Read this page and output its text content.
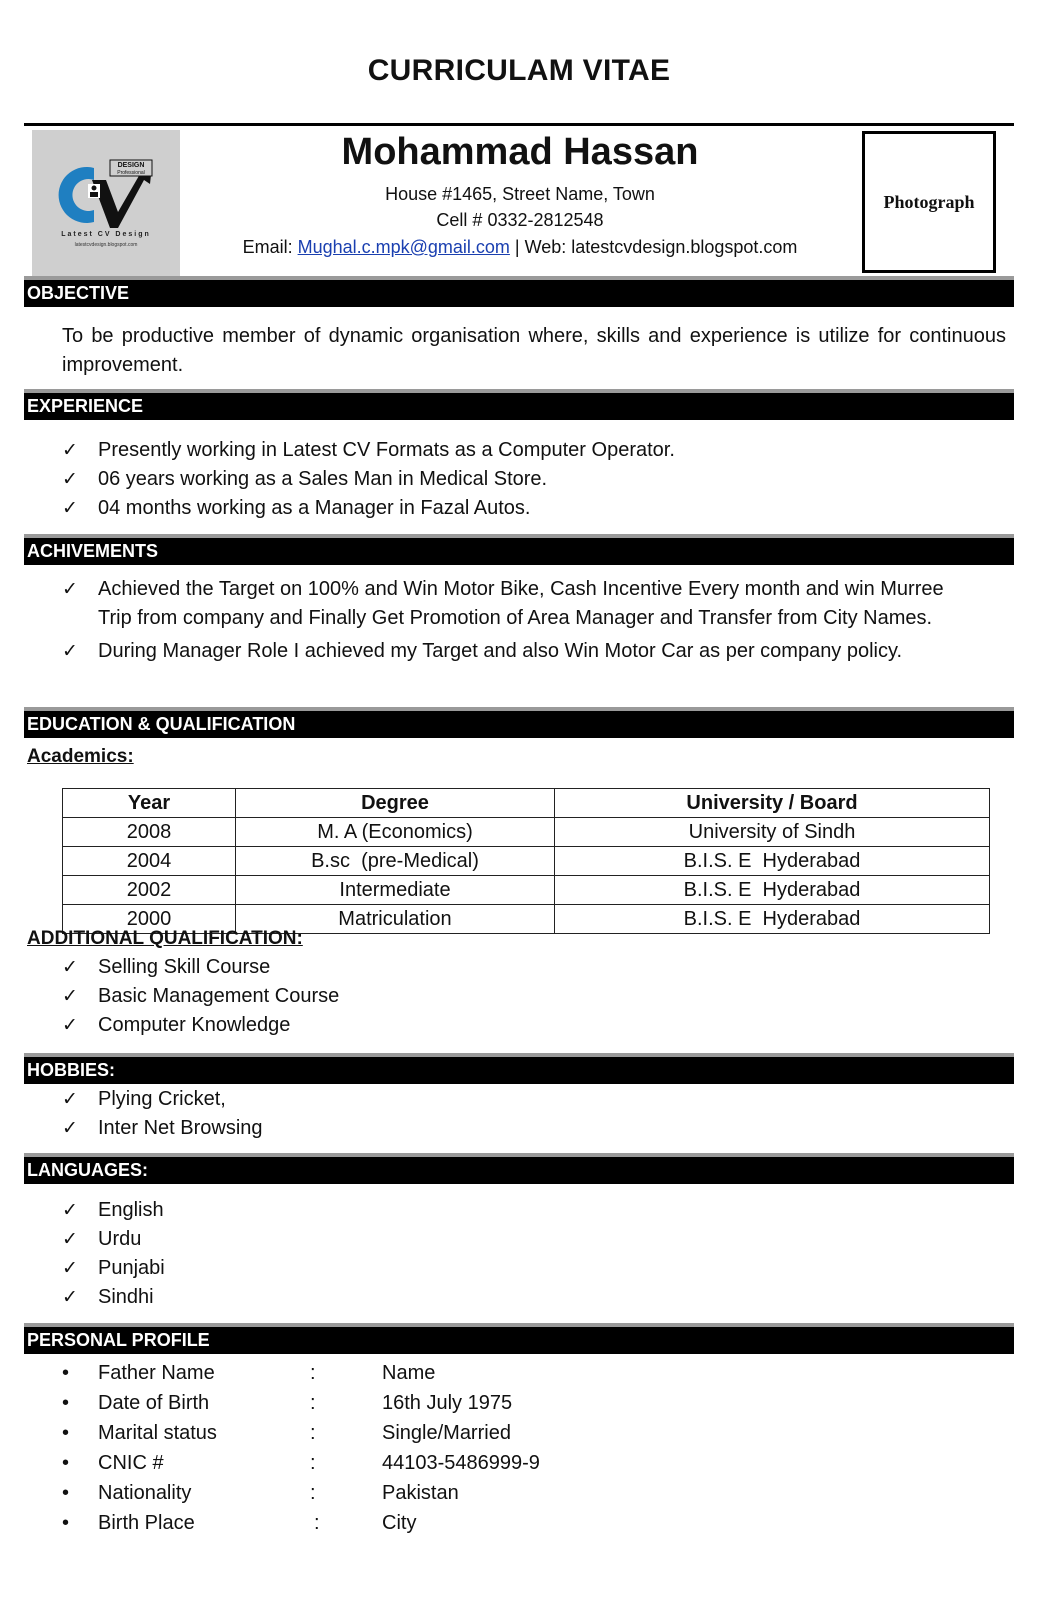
CURRICULAM VITAE
DESIGN
Professional
Latest CV Design
latestcvdesign.blogspot.com
Mohammad Hassan
House #1465, Street Name, Town
Cell # 0332-2812548
Email: Mughal.c.mpk@gmail.com | Web: latestcvdesign.blogspot.com
Photograph
OBJECTIVE
To be productive member of dynamic organisation where, skills and experience is utilize for continuous improvement.
EXPERIENCE
✓ Presently working in Latest CV Formats as a Computer Operator.
✓ 06 years working as a Sales Man in Medical Store.
✓ 04 months working as a Manager in Fazal Autos.
ACHIVEMENTS
✓ Achieved the Target on 100% and Win Motor Bike, Cash Incentive Every month and win Murree Trip from company and Finally Get Promotion of Area Manager and Transfer from City Names.
✓ During Manager Role I achieved my Target and also Win Motor Car as per company policy.
EDUCATION & QUALIFICATION
Academics:
Year	Degree	University / Board
2008	M. A (Economics)	University of Sindh
2004	B.sc  (pre-Medical)	B.I.S. E  Hyderabad
2002	Intermediate	B.I.S. E  Hyderabad
2000	Matriculation	B.I.S. E  Hyderabad
ADDITIONAL QUALIFICATION:
✓ Selling Skill Course
✓ Basic Management Course
✓ Computer Knowledge
HOBBIES:
✓ Plying Cricket,
✓ Inter Net Browsing
LANGUAGES:
✓ English
✓ Urdu
✓ Punjabi
✓ Sindhi
PERSONAL PROFILE
• Father Name	:	Name
• Date of Birth	:	16th July 1975
• Marital status	:	Single/Married
• CNIC #	:	44103-5486999-9
• Nationality	:	Pakistan
• Birth Place	:	City
